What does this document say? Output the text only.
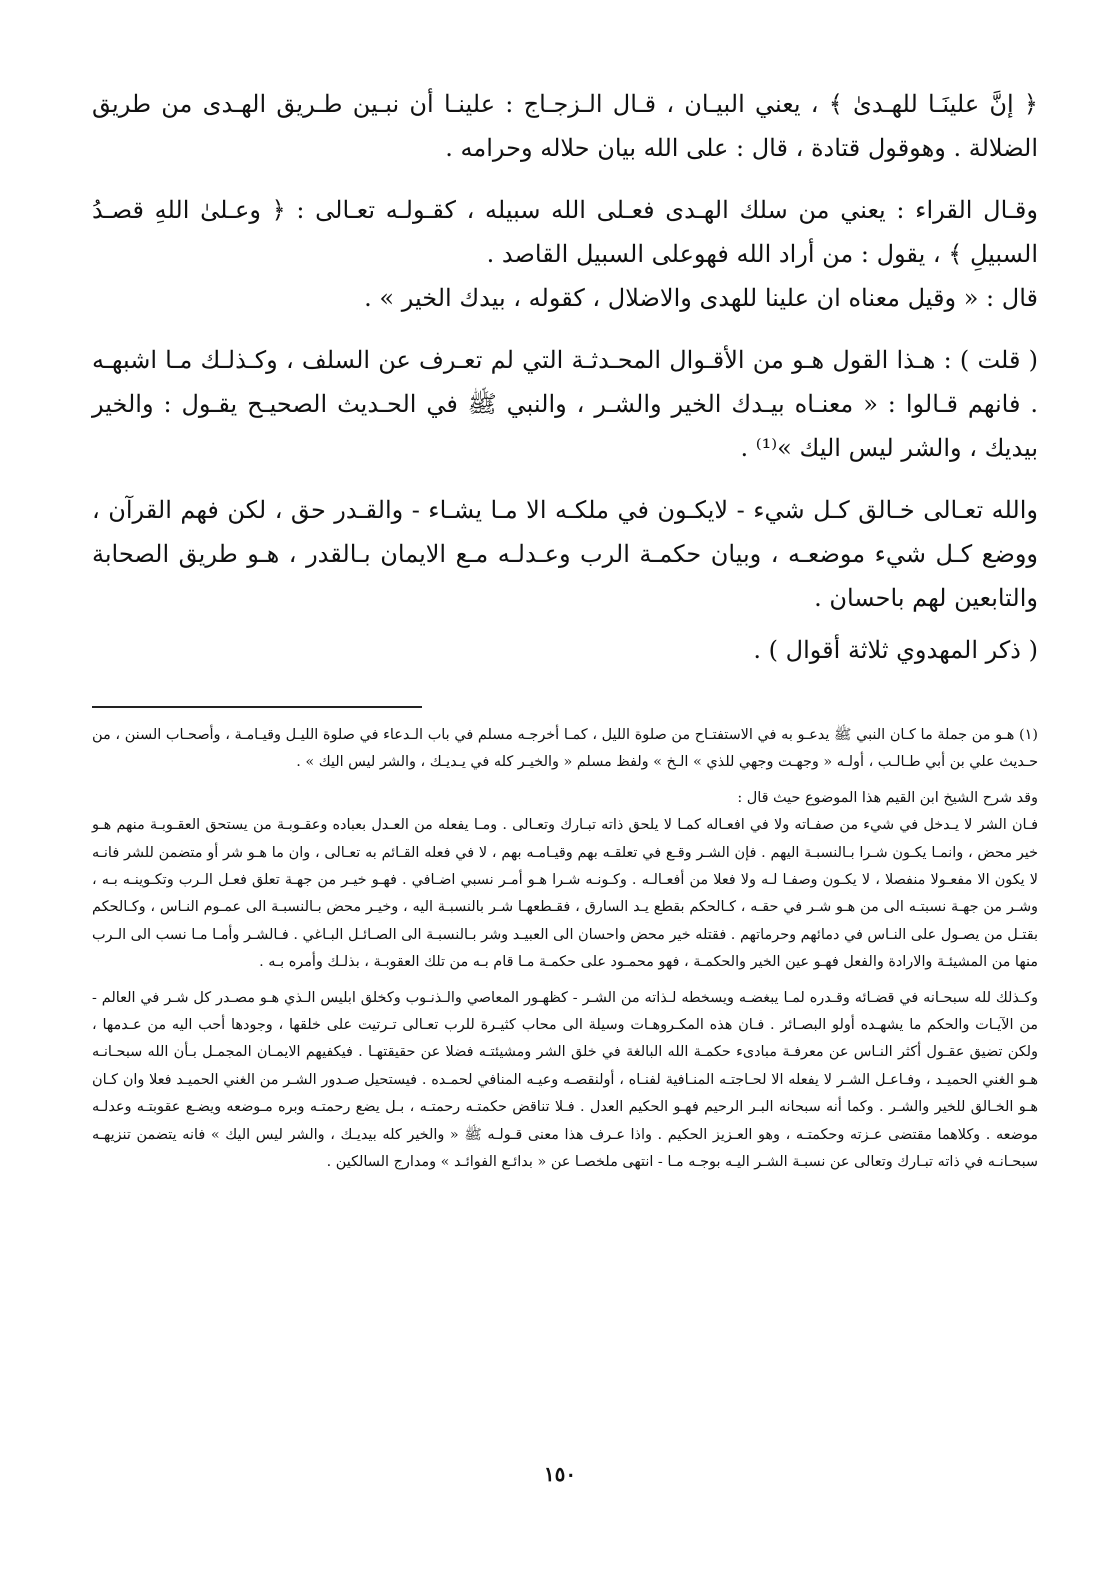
﴿ إنَّ علينَـا للهـدىٰ ﴾ ، يعني البيـان ، قـال الـزجـاج : علينـا أن نبـين طـريق الهـدى من طريق الضلالة . وهوقول قتادة ، قال : على الله بيان حلاله وحرامه .

وقـال القراء : يعني من سلك الهـدى فعـلى الله سبيله ، كقـولـه تعـالى : ﴿ وعـلىٰ اللهِ قصـدُ السبيلِ ﴾ ، يقول : من أراد الله فهوعلى السبيل القاصد .

قال : « وقيل معناه ان علينا للهدى والاضلال ، كقوله ، بيدك الخير » .

( قلت ) : هـذا القول هـو من الأقـوال المحـدثـة التي لم تعـرف عن السلف ، وكـذلـك مـا اشبهـه . فانهم قـالوا : « معنـاه بيـدك الخير والشـر ، والنبي ﷺ في الحـديث الصحيـح يقـول : والخير بيديك ، والشر ليس اليك »⁽¹⁾ .

والله تعـالى خـالق كـل شيء - لايكـون في ملكـه الا مـا يشـاء - والقـدر حق ، لكن فهم القرآن ، ووضع كـل شيء موضعـه ، وبيان حكمـة الرب وعـدلـه مـع الايمان بـالقدر ، هـو طريق الصحابة والتابعين لهم باحسان .

( ذكر المهدوي ثلاثة أقوال ) .

(١) هـو من جملة ما كـان النبي ﷺ يدعـو به في الاستفتـاح من صلوة الليل ، كمـا أخرجـه مسلم في باب الـدعاء في صلوة الليـل وقيـامـة ، وأصحـاب السنن ، من حـديث علي بن أبي طـالـب ، أولـه « وجهـت وجهي للذي » الـخ » ولفظ مسلم « والخيـر كله في يـديـك ، والشر ليس اليك » .

وقد شرح الشيخ ابن القيم هذا الموضوع حيث قال :

فـان الشر لا يـدخل في شيء من صفـاته ولا في افعـاله كمـا لا يلحق ذاته تبـارك وتعـالى . ومـا يفعله من العـدل بعباده وعقـوبـة من يستحق العقـوبـة منهم هـو خير محض ، وانمـا يكـون شـرا بـالنسبـة اليهم . فإن الشـر وقـع في تعلقـه بهم وقيـامـه بهم ، لا في فعله القـائم به تعـالى ، وان ما هـو شر أو متضمن للشر فانـه لا يكون الا مفعـولا منفصلا ، لا يكـون وصفـا لـه ولا فعلا من أفعـالـه . وكـونـه شـرا هـو أمـر نسبي اضـافي . فهـو خيـر من جهـة تعلق فعـل الـرب وتكـوينـه بـه ، وشـر من جهـة نسبتـه الى من هـو شـر في حقـه ، كـالحكم بقطع يـد السارق ، فقـطعهـا شـر بالنسبـة اليه ، وخيـر محض بـالنسبـة الى عمـوم النـاس ، وكـالحكم بقتـل من يصـول على النـاس في دمائهم وحرماتهم . فقتله خير محض واحسان الى العبيـد وشر بـالنسبـة الى الصـائـل البـاغي . فـالشـر وأمـا مـا نسب الى الـرب منها من المشيئـة والارادة والفعل فهـو عين الخير والحكمـة ، فهو محمـود على حكمـة مـا قام بـه من تلك العقوبـة ، بذلـك وأمره بـه .

وكـذلك لله سبحـانه في قضـائه وقـدره لمـا يبغضـه ويسخطه لـذاته من الشـر - كظهـور المعاصي والـذنـوب وكخلق ابليس الـذي هـو مصـدر كل شـر في العالم - من الآيـات والحكم ما يشهـده أولو البصـائر . فـان هذه المكـروهـات وسيلة الى محاب كثيـرة للرب تعـالى تـرتيت على خلقها ، وجودها أحب اليه من عـدمها ، ولكن تضيق عقـول أكثر النـاس عن معرفـة مبادىء حكمـة الله البالغة في خلق الشر ومشيئتـه فضلا عن حقيقتهـا . فيكفيهم الايمـان المجمـل بـأن الله سبحـانـه هـو الغني الحميـد ، وفـاعـل الشـر لا يفعله الا لحـاجتـه المنـافية لفنـاه ، أولنقصـه وعيـه المنافي لحمـده . فيستحيل صـدور الشـر من الغني الحميـد فعلا وان كـان هـو الخـالق للخير والشـر . وكما أنه سبحانه البـر الرحيم فهـو الحكيم العدل . فـلا تناقض حكمتـه رحمتـه ، بـل يضع رحمتـه وبره مـوضعه ويضـع عقوبتـه وعدلـه موضعه . وكلاهما مقتضى عـزته وحكمتـه ، وهو العـزيز الحكيم . واذا عـرف هذا معنى قـولـه ﷺ « والخير كله بيديـك ، والشر ليس اليك » فانه يتضمن تنزيهـه سبحـانـه في ذاته تبـارك وتعالى عن نسبـة الشـر اليـه بوجـه مـا - انتهى ملخصـا عن « بدائـع الفوائـد » ومدارج السالكين .

١٥٠
